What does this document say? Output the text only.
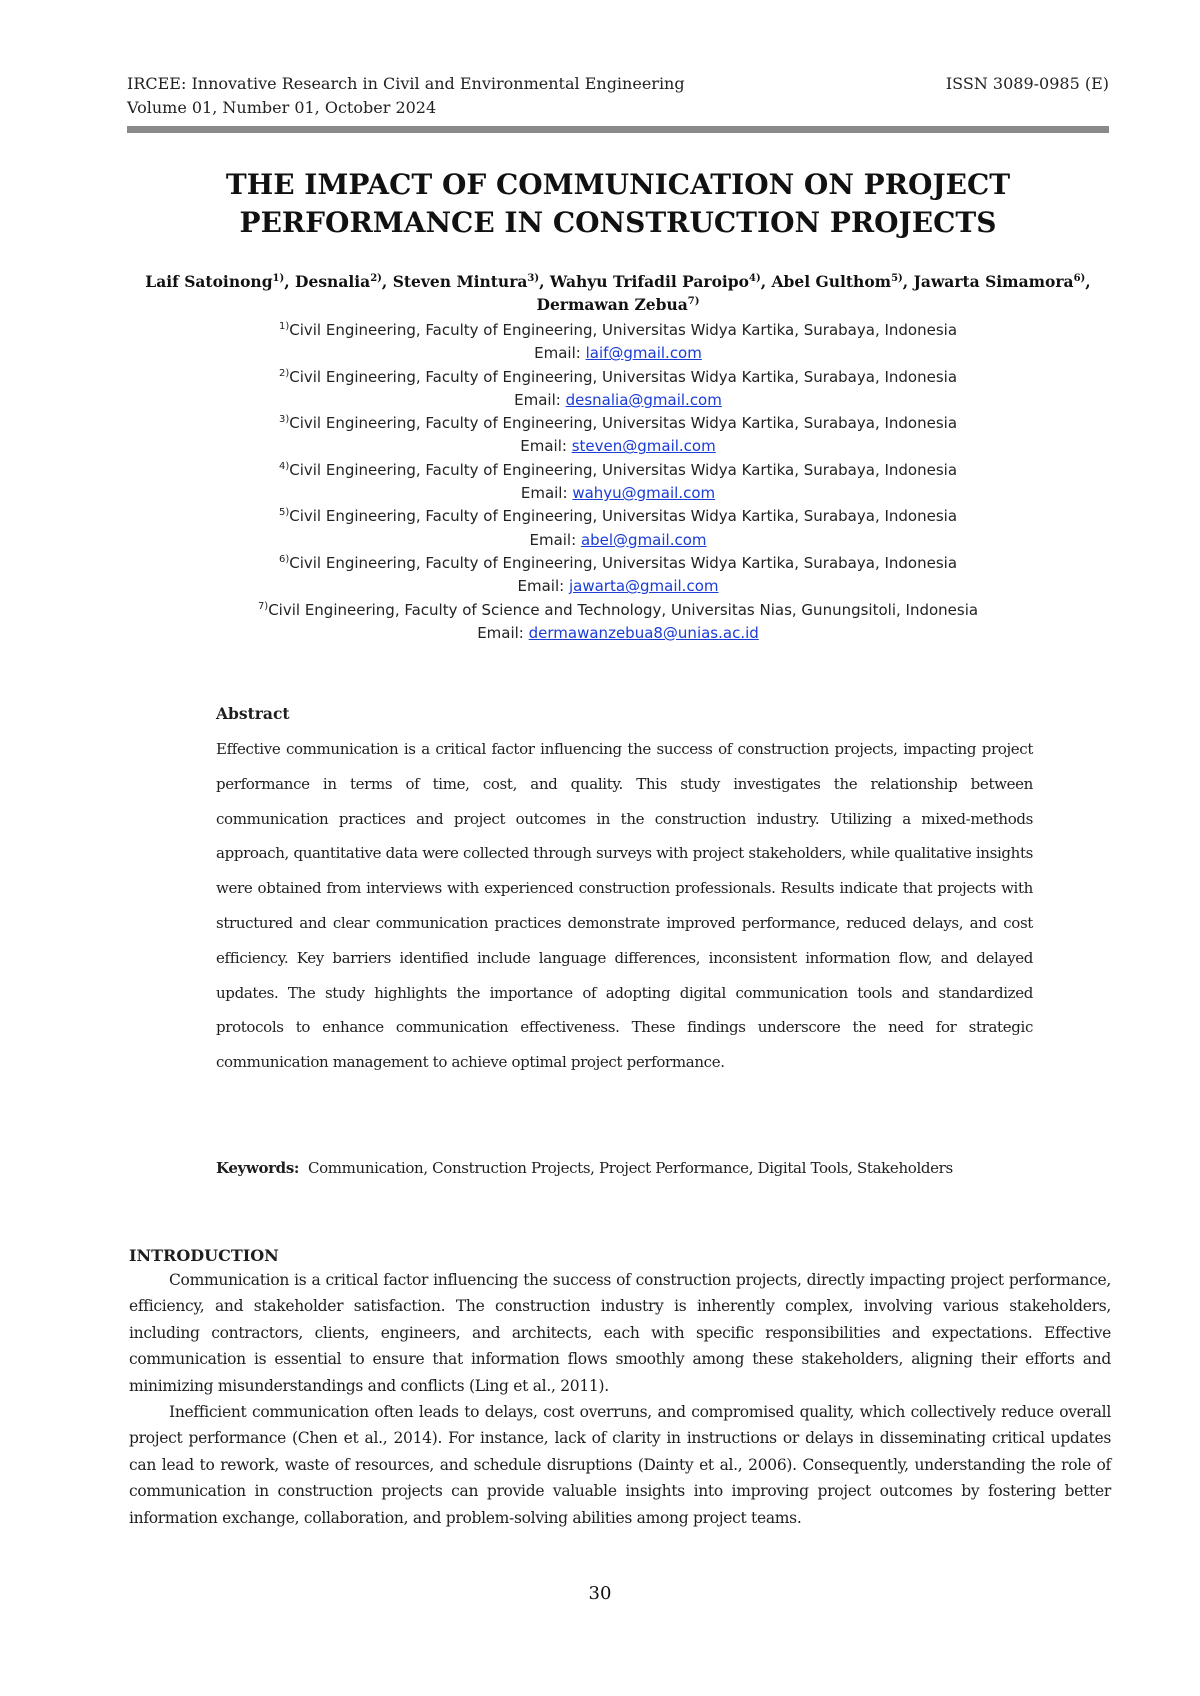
IRCEE: Innovative Research in Civil and Environmental Engineering	ISSN 3089-0985 (E)
Volume 01, Number 01, October 2024
THE IMPACT OF COMMUNICATION ON PROJECT
PERFORMANCE IN CONSTRUCTION PROJECTS
Laif Satoinong$^{1)}$, Desnalia$^{2)}$, Steven Mintura$^{3)}$, Wahyu Trifadil Paroipo$^{4)}$, Abel Gulthom$^{5)}$, Jawarta Simamora$^{6)}$,
Dermawan Zebua$^{7)}$
$^{1)}$Civil Engineering, Faculty of Engineering, Universitas Widya Kartika, Surabaya, Indonesia
Email: laif@gmail.com
$^{2)}$Civil Engineering, Faculty of Engineering, Universitas Widya Kartika, Surabaya, Indonesia
Email: desnalia@gmail.com
$^{3)}$Civil Engineering, Faculty of Engineering, Universitas Widya Kartika, Surabaya, Indonesia
Email: steven@gmail.com
$^{4)}$Civil Engineering, Faculty of Engineering, Universitas Widya Kartika, Surabaya, Indonesia
Email: wahyu@gmail.com
$^{5)}$Civil Engineering, Faculty of Engineering, Universitas Widya Kartika, Surabaya, Indonesia
Email: abel@gmail.com
$^{6)}$Civil Engineering, Faculty of Engineering, Universitas Widya Kartika, Surabaya, Indonesia
Email: jawarta@gmail.com
$^{7)}$Civil Engineering, Faculty of Science and Technology, Universitas Nias, Gunungsitoli, Indonesia
Email: dermawanzebua8@unias.ac.id
Abstract

Effective communication is a critical factor influencing the success of construction projects, impacting project performance in terms of time, cost, and quality. This study investigates the relationship between communication practices and project outcomes in the construction industry. Utilizing a mixed-methods approach, quantitative data were collected through surveys with project stakeholders, while qualitative insights were obtained from interviews with experienced construction professionals. Results indicate that projects with structured and clear communication practices demonstrate improved performance, reduced delays, and cost efficiency. Key barriers identified include language differences, inconsistent information flow, and delayed updates. The study highlights the importance of adopting digital communication tools and standardized protocols to enhance communication effectiveness. These findings underscore the need for strategic communication management to achieve optimal project performance.

Keywords: Communication, Construction Projects, Project Performance, Digital Tools, Stakeholders
INTRODUCTION

Communication is a critical factor influencing the success of construction projects, directly impacting project performance, efficiency, and stakeholder satisfaction. The construction industry is inherently complex, involving various stakeholders, including contractors, clients, engineers, and architects, each with specific responsibilities and expectations. Effective communication is essential to ensure that information flows smoothly among these stakeholders, aligning their efforts and minimizing misunderstandings and conflicts (Ling et al., 2011).

Inefficient communication often leads to delays, cost overruns, and compromised quality, which collectively reduce overall project performance (Chen et al., 2014). For instance, lack of clarity in instructions or delays in disseminating critical updates can lead to rework, waste of resources, and schedule disruptions (Dainty et al., 2006). Consequently, understanding the role of communication in construction projects can provide valuable insights into improving project outcomes by fostering better information exchange, collaboration, and problem-solving abilities among project teams.

30
